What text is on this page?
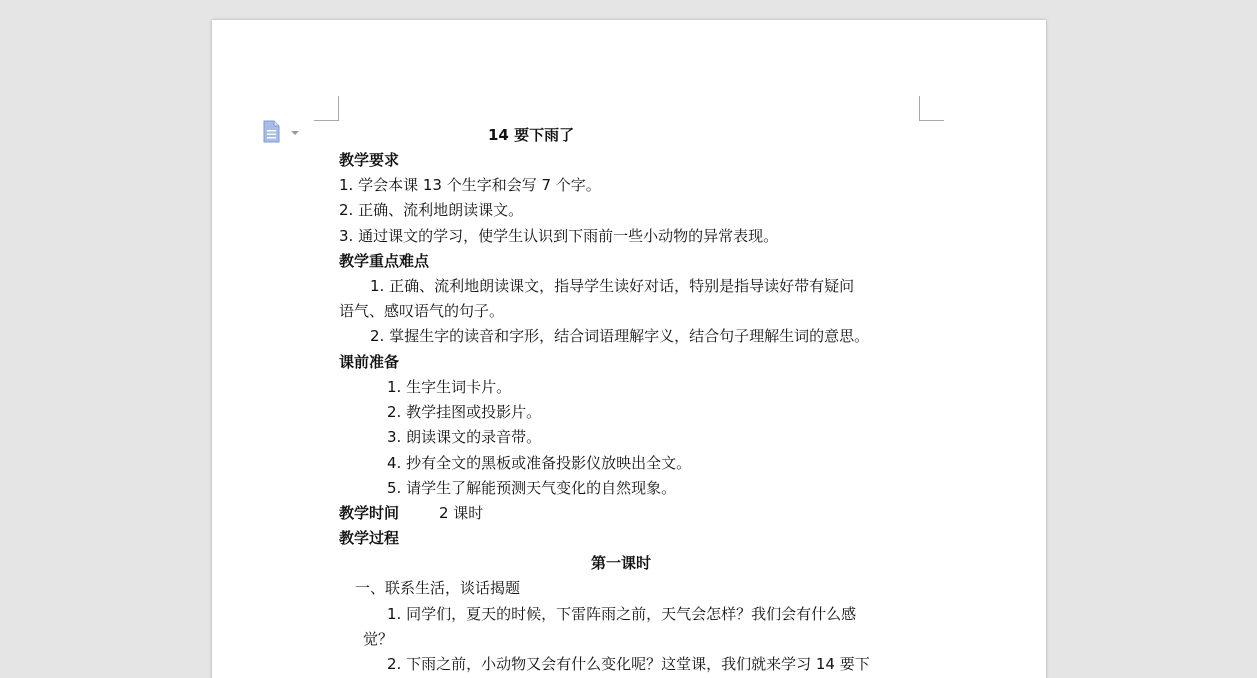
14 要下雨了
教学要求
1. 学会本课 13 个生字和会写 7 个字。
2. 正确、流利地朗读课文。
3. 通过课文的学习，使学生认识到下雨前一些小动物的异常表现。
教学重点难点
1. 正确、流利地朗读课文，指导学生读好对话，特别是指导读好带有疑问
语气、感叹语气的句子。
2. 掌握生字的读音和字形，结合词语理解字义，结合句子理解生词的意思。
课前准备
1. 生字生词卡片。
2. 教学挂图或投影片。
3. 朗读课文的录音带。
4. 抄有全文的黑板或准备投影仪放映出全文。
5. 请学生了解能预测天气变化的自然现象。
教学时间	2 课时
教学过程
第一课时
一、联系生活，谈话揭题
1. 同学们，夏天的时候，下雷阵雨之前，天气会怎样？我们会有什么感
觉？
2. 下雨之前，小动物又会有什么变化呢？这堂课，我们就来学习 14 要下
